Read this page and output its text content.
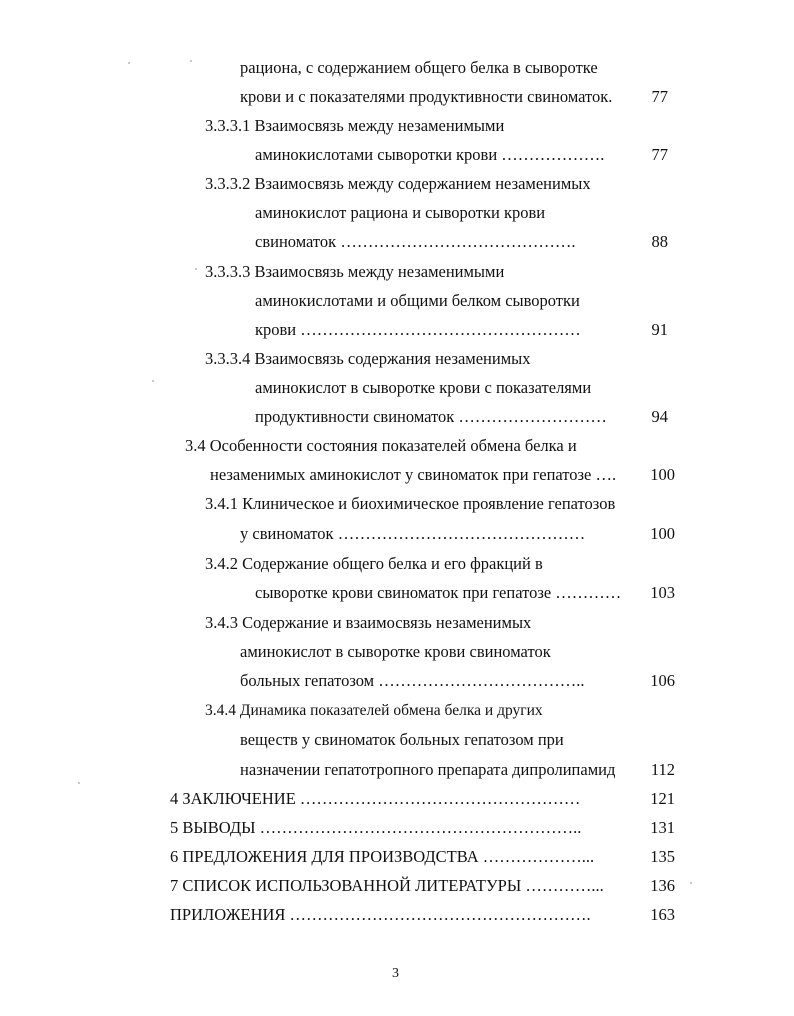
рациона, с содержанием общего белка в сыворотке
крови и с показателями продуктивности свиноматок.	77
3.3.3.1 Взаимосвязь между незаменимыми
аминокислотами сыворотки крови ……………….	77
3.3.3.2 Взаимосвязь между содержанием незаменимых
аминокислот рациона и сыворотки крови
свиноматок …………………………………….	88
3.3.3.3 Взаимосвязь между незаменимыми
аминокислотами и общими белком сыворотки
крови ……………………………………………	91
3.3.3.4 Взаимосвязь содержания незаменимых
аминокислот в сыворотке крови с показателями
продуктивности свиноматок ………………………	94
3.4 Особенности состояния показателей обмена белка и
незаменимых аминокислот у свиноматок при гепатозе ….	100
3.4.1 Клиническое и биохимическое проявление гепатозов
у свиноматок ………………………………………	100
3.4.2 Содержание общего белка и его фракций в
сыворотке крови свиноматок при гепатозе …………	103
3.4.3 Содержание и взаимосвязь незаменимых
аминокислот в сыворотке крови свиноматок
больных гепатозом ………………………………..	106
3.4.4 Динамика показателей обмена белка и других
веществ у свиноматок больных гепатозом при
назначении гепатотропного препарата дипролипамид	112
4 ЗАКЛЮЧЕНИЕ ……………………………………………	121
5 ВЫВОДЫ …………………………………………………..	131
6 ПРЕДЛОЖЕНИЯ ДЛЯ ПРОИЗВОДСТВА ………………...	135
7 СПИСОК ИСПОЛЬЗОВАННОЙ ЛИТЕРАТУРЫ …………...	136
ПРИЛОЖЕНИЯ ……………………………………………….	163
3
